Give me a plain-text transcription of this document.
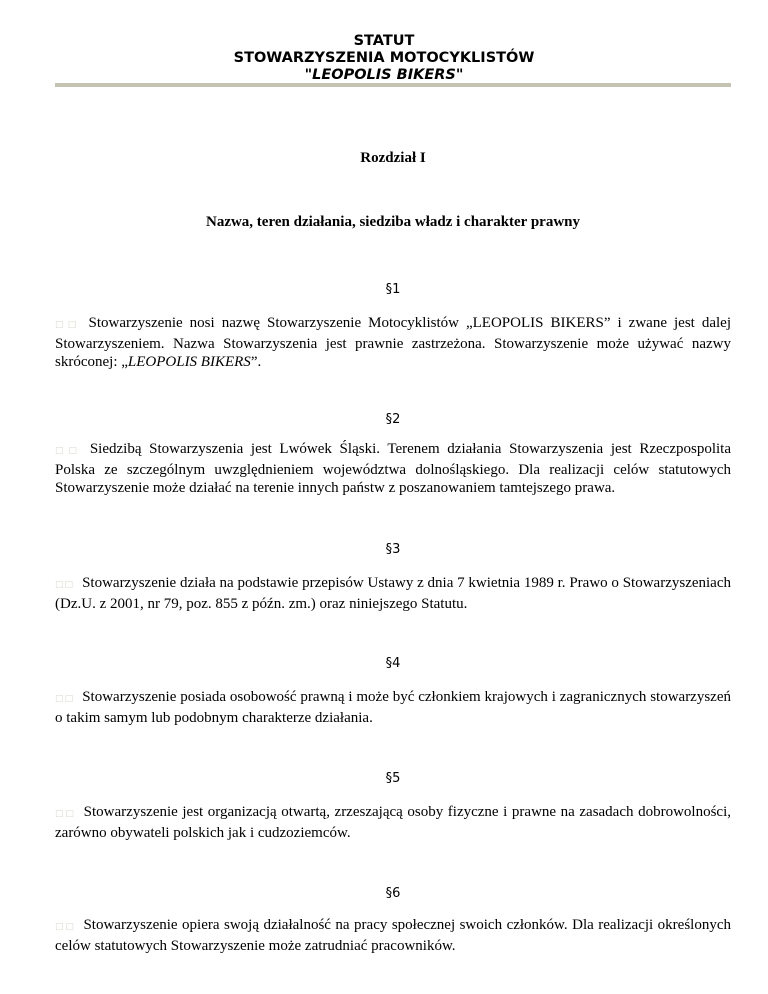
STATUT
STOWARZYSZENIA MOTOCYKLISTÓW
"LEOPOLIS BIKERS"
Rozdział I
Nazwa, teren działania, siedziba władz i charakter prawny
§1
□□ Stowarzyszenie nosi nazwę Stowarzyszenie Motocyklistów „LEOPOLIS BIKERS” i zwane jest dalej Stowarzyszeniem. Nazwa Stowarzyszenia jest prawnie zastrzeżona. Stowarzyszenie może używać nazwy skróconej: „LEOPOLIS BIKERS”.
§2
□□ Siedzibą Stowarzyszenia jest Lwówek Śląski. Terenem działania Stowarzyszenia jest Rzeczpospolita Polska ze szczególnym uwzględnieniem województwa dolnośląskiego. Dla realizacji celów statutowych Stowarzyszenie może działać na terenie innych państw z poszanowaniem tamtejszego prawa.
§3
□□ Stowarzyszenie działa na podstawie przepisów Ustawy z dnia 7 kwietnia 1989 r. Prawo o Stowarzyszeniach (Dz.U. z 2001, nr 79, poz. 855 z późn. zm.) oraz niniejszego Statutu.
§4
□□ Stowarzyszenie posiada osobowość prawną i może być członkiem krajowych i zagranicznych stowarzyszeń o takim samym lub podobnym charakterze działania.
§5
□□ Stowarzyszenie jest organizacją otwartą, zrzeszającą osoby fizyczne i prawne na zasadach dobrowolności, zarówno obywateli polskich jak i cudzoziemców.
§6
□□ Stowarzyszenie opiera swoją działalność na pracy społecznej swoich członków. Dla realizacji określonych celów statutowych Stowarzyszenie może zatrudniać pracowników.
